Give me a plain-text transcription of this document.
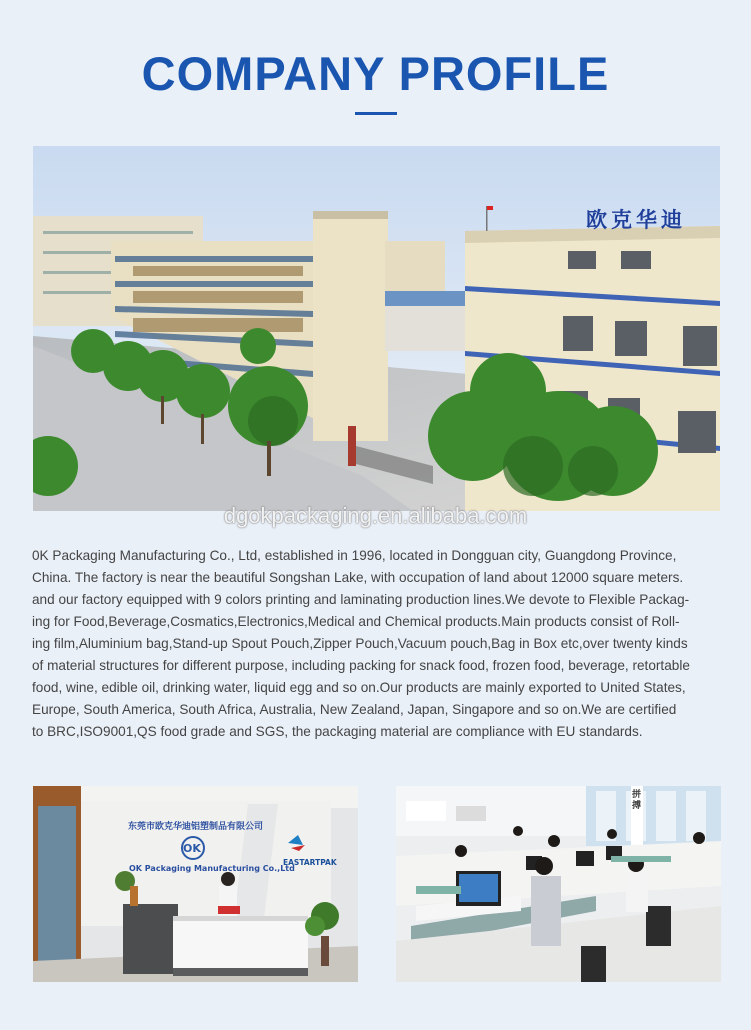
COMPANY PROFILE
欧克华迪
dgokpackaging.en.alibaba.com
0K Packaging Manufacturing Co., Ltd, established in 1996, located in Dongguan city, Guangdong Province,
China. The factory is near the beautiful Songshan Lake, with occupation of land about 12000 square meters.
and our factory equipped with 9 colors printing and laminating production lines.We devote to Flexible Packag-
ing for Food,Beverage,Cosmatics,Electronics,Medical and Chemical products.Main products consist of Roll-
ing film,Aluminium bag,Stand-up Spout Pouch,Zipper Pouch,Vacuum pouch,Bag in Box etc,over twenty kinds
of material structures for different purpose, including packing for snack food, frozen food, beverage, retortable
food, wine, edible oil, drinking water, liquid egg and so on.Our products are mainly exported to United States,
Europe, South America, South Africa, Australia, New Zealand, Japan, Singapore and so on.We are certified
to BRC,ISO9001,QS food grade and SGS, the packaging material are compliance with EU standards.
东莞市欧克华迪铝塑制品有限公司
OK
OK Packaging Manufacturing Co.,Ltd
EASTARTPAK
拼搏
